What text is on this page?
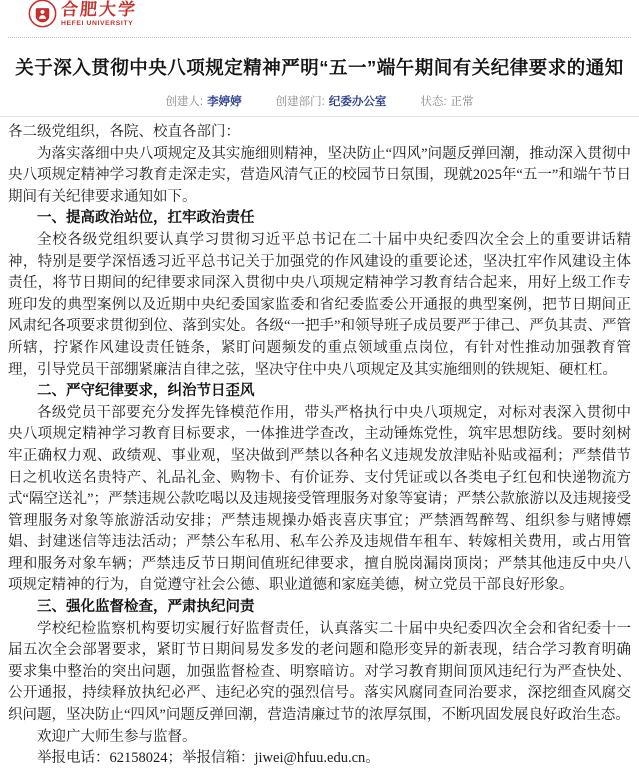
合肥大学
HEFEI UNIVERSITY
关于深入贯彻中央八项规定精神严明“五一”端午期间有关纪律要求的通知
创建人: 李婷婷	创建部门: 纪委办公室	状态: 正常

各二级党组织，各院、校直各部门：

为落实落细中央八项规定及其实施细则精神，坚决防止“四风”问题反弹回潮，推动深入贯彻中央八项规定精神学习教育走深走实，营造风清气正的校园节日氛围，现就2025年“五一”和端午节日期间有关纪律要求通知如下。

一、提高政治站位，扛牢政治责任

全校各级党组织要认真学习贯彻习近平总书记在二十届中央纪委四次全会上的重要讲话精神，特别是要学深悟透习近平总书记关于加强党的作风建设的重要论述，坚决扛牢作风建设主体责任，将节日期间的纪律要求同深入贯彻中央八项规定精神学习教育结合起来，用好上级工作专班印发的典型案例以及近期中央纪委国家监委和省纪委监委公开通报的典型案例，把节日期间正风肃纪各项要求贯彻到位、落到实处。各级“一把手”和领导班子成员要严于律己、严负其责、严管所辖，拧紧作风建设责任链条，紧盯问题频发的重点领域重点岗位，有针对性推动加强教育管理，引导党员干部绷紧廉洁自律之弦，坚决守住中央八项规定及其实施细则的铁规矩、硬杠杠。

二、严守纪律要求，纠治节日歪风

各级党员干部要充分发挥先锋模范作用，带头严格执行中央八项规定，对标对表深入贯彻中央八项规定精神学习教育目标要求，一体推进学查改，主动锤炼党性，筑牢思想防线。要时刻树牢正确权力观、政绩观、事业观，坚决做到严禁以各种名义违规发放津贴补贴或福利；严禁借节日之机收送名贵特产、礼品礼金、购物卡、有价证券、支付凭证或以各类电子红包和快递物流方式“隔空送礼”；严禁违规公款吃喝以及违规接受管理服务对象等宴请；严禁公款旅游以及违规接受管理服务对象等旅游活动安排；严禁违规操办婚丧喜庆事宜；严禁酒驾醉驾、组织参与赌博嫖娼、封建迷信等违法活动；严禁公车私用、私车公养及违规借车租车、转嫁相关费用，或占用管理和服务对象车辆；严禁违反节日期间值班纪律要求，擅自脱岗漏岗顶岗；严禁其他违反中央八项规定精神的行为，自觉遵守社会公德、职业道德和家庭美德，树立党员干部良好形象。

三、强化监督检查，严肃执纪问责

学校纪检监察机构要切实履行好监督责任，认真落实二十届中央纪委四次全会和省纪委十一届五次全会部署要求，紧盯节日期间易发多发的老问题和隐形变异的新表现，结合学习教育明确要求集中整治的突出问题，加强监督检查、明察暗访。对学习教育期间顶风违纪行为严查快处、公开通报，持续释放执纪必严、违纪必究的强烈信号。落实风腐同查同治要求，深挖细查风腐交织问题，坚决防止“四风”问题反弹回潮，营造清廉过节的浓厚氛围，不断巩固发展良好政治生态。

欢迎广大师生参与监督。

举报电话：62158024；举报信箱：jiwei@hfuu.edu.cn。
